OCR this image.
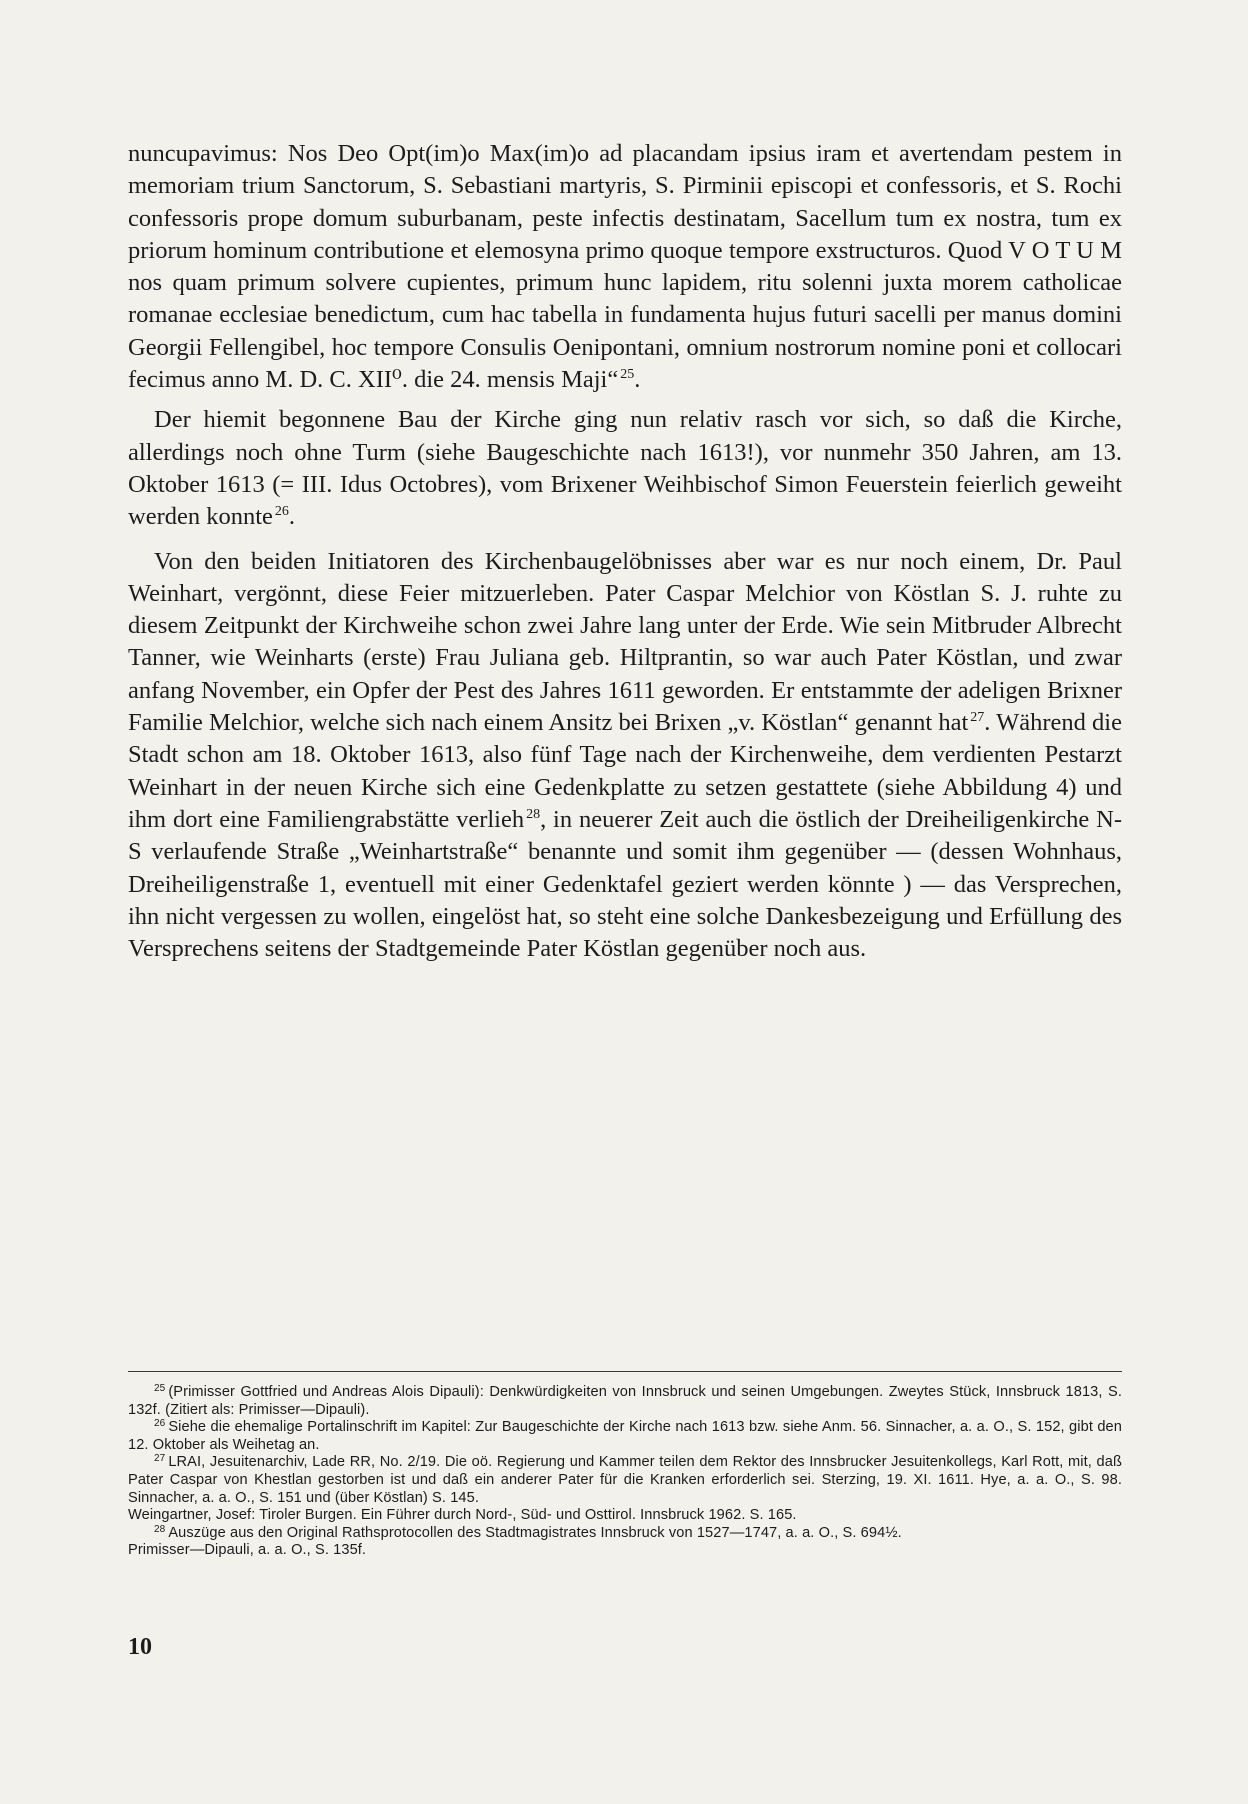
nuncupavimus: Nos Deo Opt(im)o Max(im)o ad placandam ipsius iram et avertendam pestem in memoriam trium Sanctorum, S. Sebastiani martyris, S. Pirminii episcopi et confessoris, et S. Rochi confessoris prope domum suburbanam, peste infectis destinatam, Sacellum tum ex nostra, tum ex priorum hominum contributione et elemosyna primo quoque tempore exstructuros. Quod V O T U M nos quam primum solvere cupientes, primum hunc lapidem, ritu solenni juxta morem catholicae romanae ecclesiae benedictum, cum hac tabella in fundamenta hujus futuri sacelli per manus domini Georgii Fellengibel, hoc tempore Consulis Oenipontani, omnium nostrorum nomine poni et collocari fecimus anno M. D. C. XII⁰. die 24. mensis Maji“ $^{25}$.

Der hiemit begonnene Bau der Kirche ging nun relativ rasch vor sich, so daß die Kirche, allerdings noch ohne Turm (siehe Baugeschichte nach 1613!), vor nunmehr 350 Jahren, am 13. Oktober 1613 (= III. Idus Octobres), vom Brixener Weihbischof Simon Feuerstein feierlich geweiht werden konnte $^{26}$.

Von den beiden Initiatoren des Kirchenbaugelöbnisses aber war es nur noch einem, Dr. Paul Weinhart, vergönnt, diese Feier mitzuerleben. Pater Caspar Melchior von Köstlan S. J. ruhte zu diesem Zeitpunkt der Kirchweihe schon zwei Jahre lang unter der Erde. Wie sein Mitbruder Albrecht Tanner, wie Weinharts (erste) Frau Juliana geb. Hiltprantin, so war auch Pater Köstlan, und zwar anfang November, ein Opfer der Pest des Jahres 1611 geworden. Er entstammte der adeligen Brixner Familie Melchior, welche sich nach einem Ansitz bei Brixen „v. Köstlan“ genannt hat $^{27}$. Während die Stadt schon am 18. Oktober 1613, also fünf Tage nach der Kirchenweihe, dem verdienten Pestarzt Weinhart in der neuen Kirche sich eine Gedenkplatte zu setzen gestattete (siehe Abbildung 4) und ihm dort eine Familiengrabstätte verlieh $^{28}$, in neuerer Zeit auch die östlich der Dreiheiligenkirche N-S verlaufende Straße „Weinhartstraße“ benannte und somit ihm gegenüber — (dessen Wohnhaus, Dreiheiligenstraße 1, eventuell mit einer Gedenktafel geziert werden könnte ) — das Versprechen, ihn nicht vergessen zu wollen, eingelöst hat, so steht eine solche Dankesbezeigung und Erfüllung des Versprechens seitens der Stadtgemeinde Pater Köstlan gegenüber noch aus.

$^{25}$ (Primisser Gottfried und Andreas Alois Dipauli): Denkwürdigkeiten von Innsbruck und seinen Umgebungen. Zweytes Stück, Innsbruck 1813, S. 132f. (Zitiert als: Primisser—Dipauli).

$^{26}$ Siehe die ehemalige Portalinschrift im Kapitel: Zur Baugeschichte der Kirche nach 1613 bzw. siehe Anm. 56. Sinnacher, a. a. O., S. 152, gibt den 12. Oktober als Weihetag an.

$^{27}$ LRAI, Jesuitenarchiv, Lade RR, No. 2/19. Die oö. Regierung und Kammer teilen dem Rektor des Innsbrucker Jesuitenkollegs, Karl Rott, mit, daß Pater Caspar von Khestlan gestorben ist und daß ein anderer Pater für die Kranken erforderlich sei. Sterzing, 19. XI. 1611. Hye, a. a. O., S. 98. Sinnacher, a. a. O., S. 151 und (über Köstlan) S. 145.

Weingartner, Josef: Tiroler Burgen. Ein Führer durch Nord-, Süd- und Osttirol. Innsbruck 1962. S. 165.

$^{28}$ Auszüge aus den Original Rathsprotocollen des Stadtmagistrates Innsbruck von 1527—1747, a. a. O., S. 694½.

Primisser—Dipauli, a. a. O., S. 135f.

10
